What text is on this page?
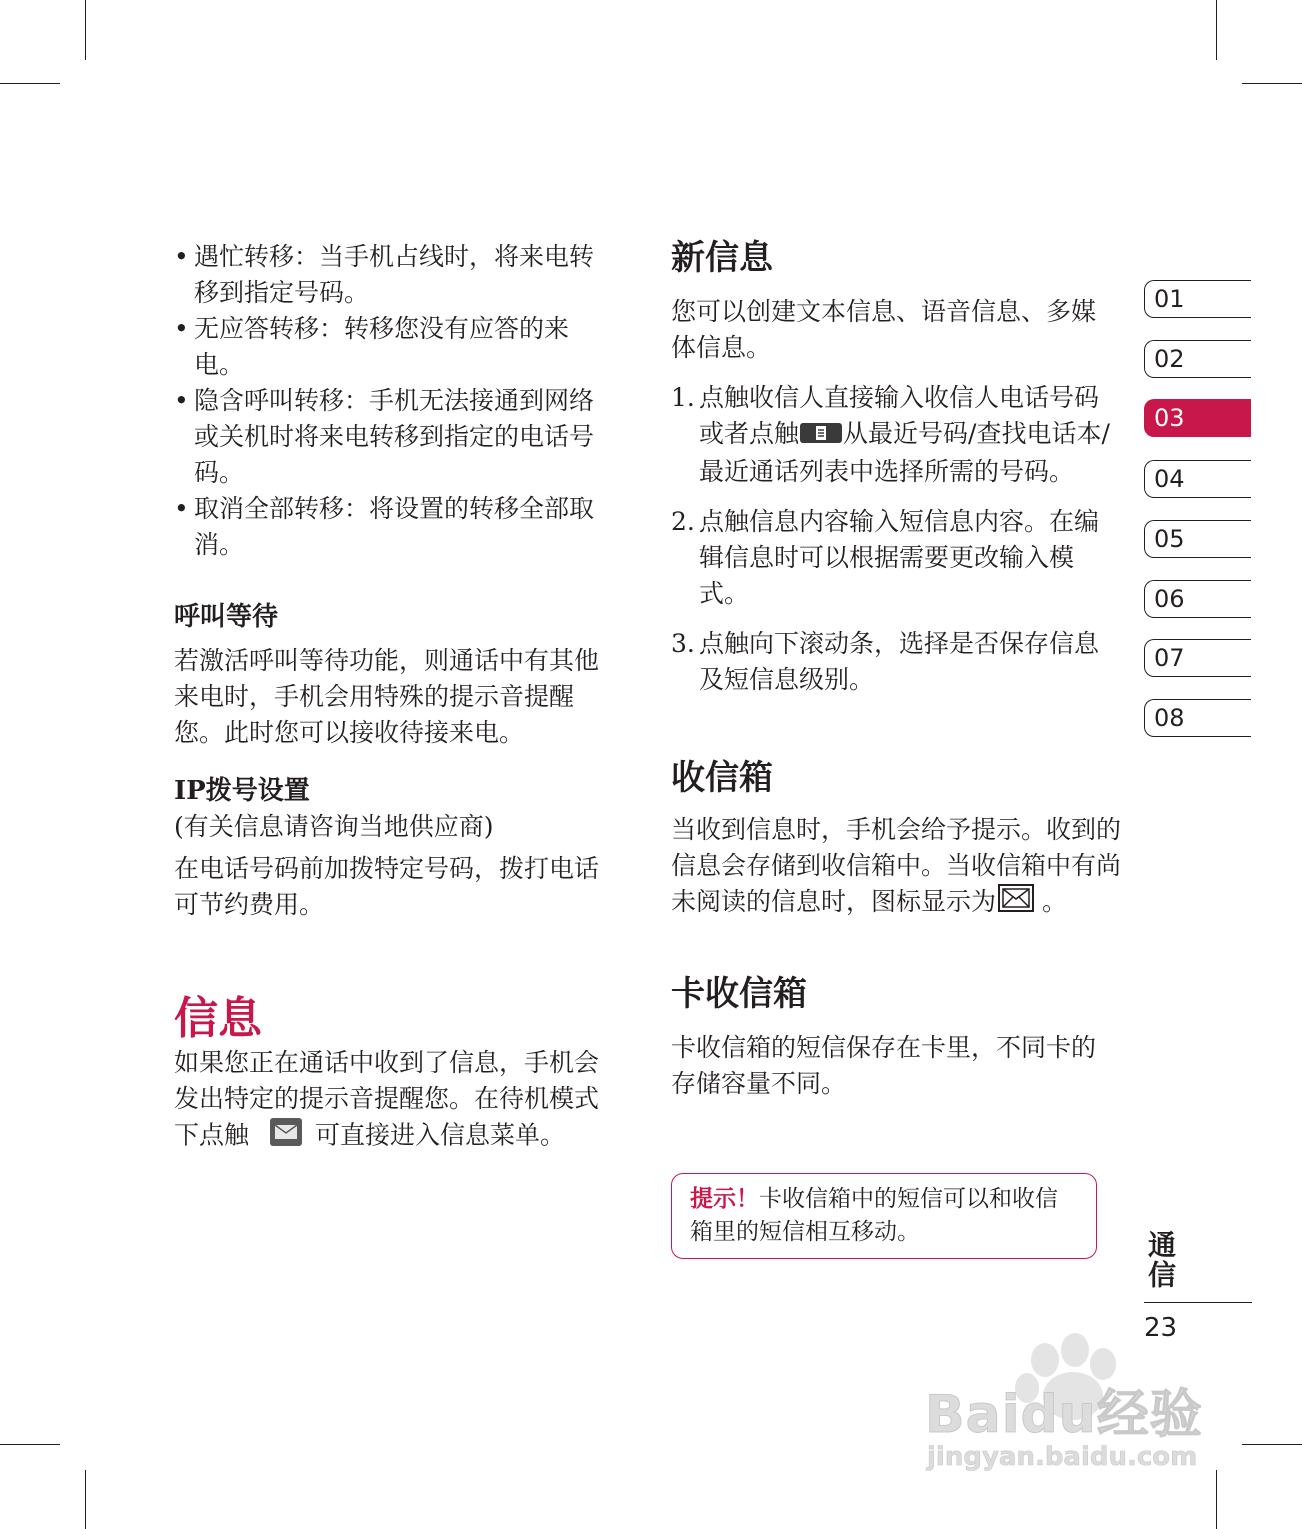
• 遇忙转移：当手机占线时，将来电转移到指定号码。
• 无应答转移：转移您没有应答的来电。
• 隐含呼叫转移：手机无法接通到网络或关机时将来电转移到指定的电话号码。
• 取消全部转移：将设置的转移全部取消。
呼叫等待

若激活呼叫等待功能，则通话中有其他来电时，手机会用特殊的提示音提醒您。此时您可以接收待接来电。

IP拨号设置

(有关信息请咨询当地供应商)

在电话号码前加拨特定号码，拨打电话可节约费用。

信息

如果您正在通话中收到了信息，手机会发出特定的提示音提醒您。在待机模式下点触	可直接进入信息菜单。

新信息

您可以创建文本信息、语音信息、多媒体信息。

1. 点触收信人直接输入收信人电话号码或者点触 从最近号码/查找电话本/最近通话列表中选择所需的号码。
2. 点触信息内容输入短信息内容。在编辑信息时可以根据需要更改输入模式。
3. 点触向下滚动条，选择是否保存信息及短信息级别。
收信箱

当收到信息时，手机会给予提示。收到的信息会存储到收信箱中。当收信箱中有尚未阅读的信息时，图标显示为 。

卡收信箱

卡收信箱的短信保存在卡里，不同卡的存储容量不同。

提示！卡收信箱中的短信可以和收信箱里的短信相互移动。
01
02
03
04
05
06
07
08
通信
23
Baidu经验
jingyan.baidu.com
